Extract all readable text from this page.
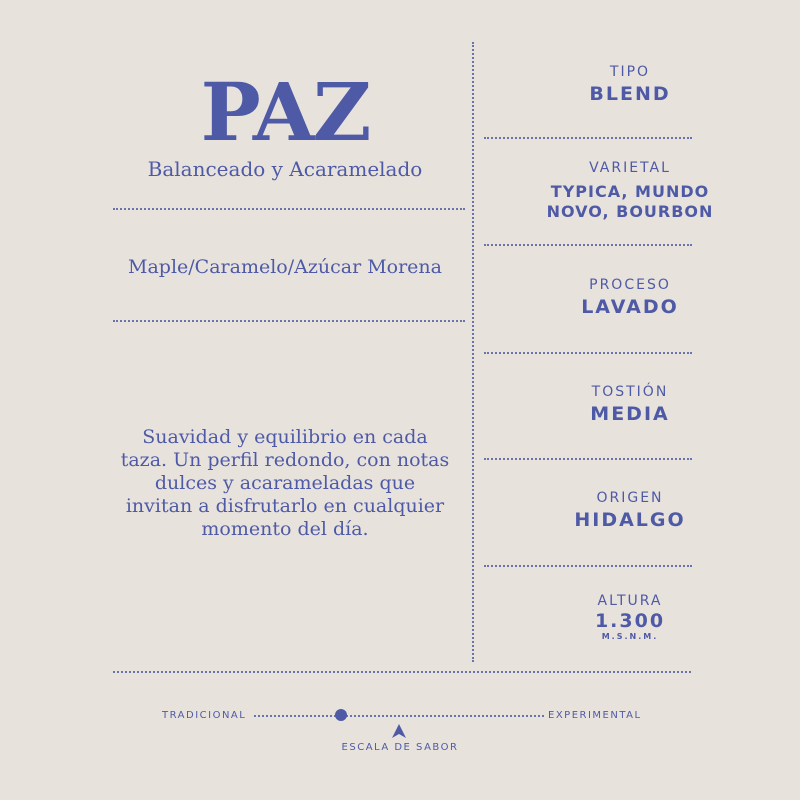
PAZ
Balanceado y Acaramelado
Maple/Caramelo/Azúcar Morena
Suavidad y equilibrio en cada taza. Un perfil redondo, con notas dulces y acarameladas que invitan a disfrutarlo en cualquier momento del día.
TIPO
BLEND
VARIETAL
TYPICA, MUNDO NOVO, BOURBON
PROCESO
LAVADO
TOSTIÓN
MEDIA
ORIGEN
HIDALGO
ALTURA
1.300
M.S.N.M.
TRADICIONAL	EXPERIMENTAL
ESCALA DE SABOR
